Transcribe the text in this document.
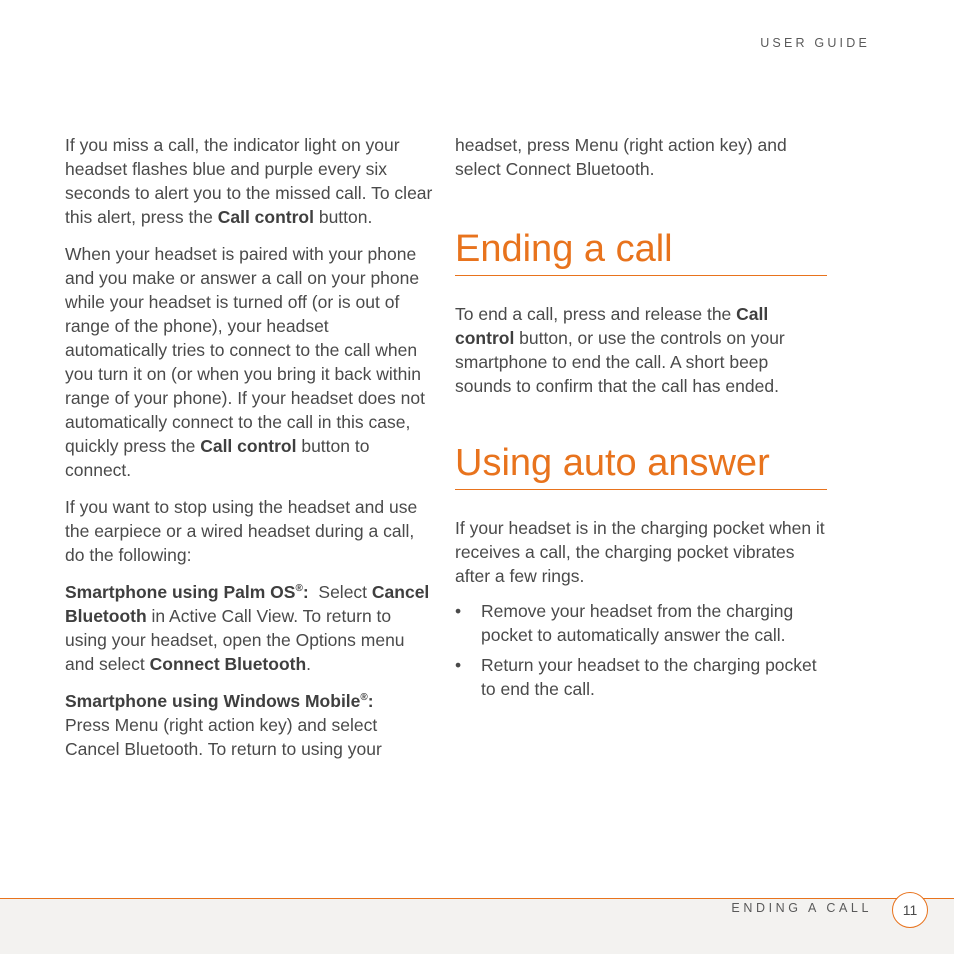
USER GUIDE

If you miss a call, the indicator light on your headset flashes blue and purple every six seconds to alert you to the missed call. To clear this alert, press the Call control button.

When your headset is paired with your phone and you make or answer a call on your phone while your headset is turned off (or is out of range of the phone), your headset automatically tries to connect to the call when you turn it on (or when you bring it back within range of your phone). If your headset does not automatically connect to the call in this case, quickly press the Call control button to connect.

If you want to stop using the headset and use the earpiece or a wired headset during a call, do the following:

Smartphone using Palm OS®:  Select Cancel Bluetooth in Active Call View. To return to using your headset, open the Options menu and select Connect Bluetooth.

Smartphone using Windows Mobile®:
Press Menu (right action key) and select Cancel Bluetooth. To return to using your

headset, press Menu (right action key) and select Connect Bluetooth.

Ending a call

To end a call, press and release the Call control button, or use the controls on your smartphone to end the call. A short beep sounds to confirm that the call has ended.

Using auto answer

If your headset is in the charging pocket when it receives a call, the charging pocket vibrates after a few rings.

•	Remove your headset from the charging pocket to automatically answer the call.
•	Return your headset to the charging pocket to end the call.
ENDING A CALL	11
